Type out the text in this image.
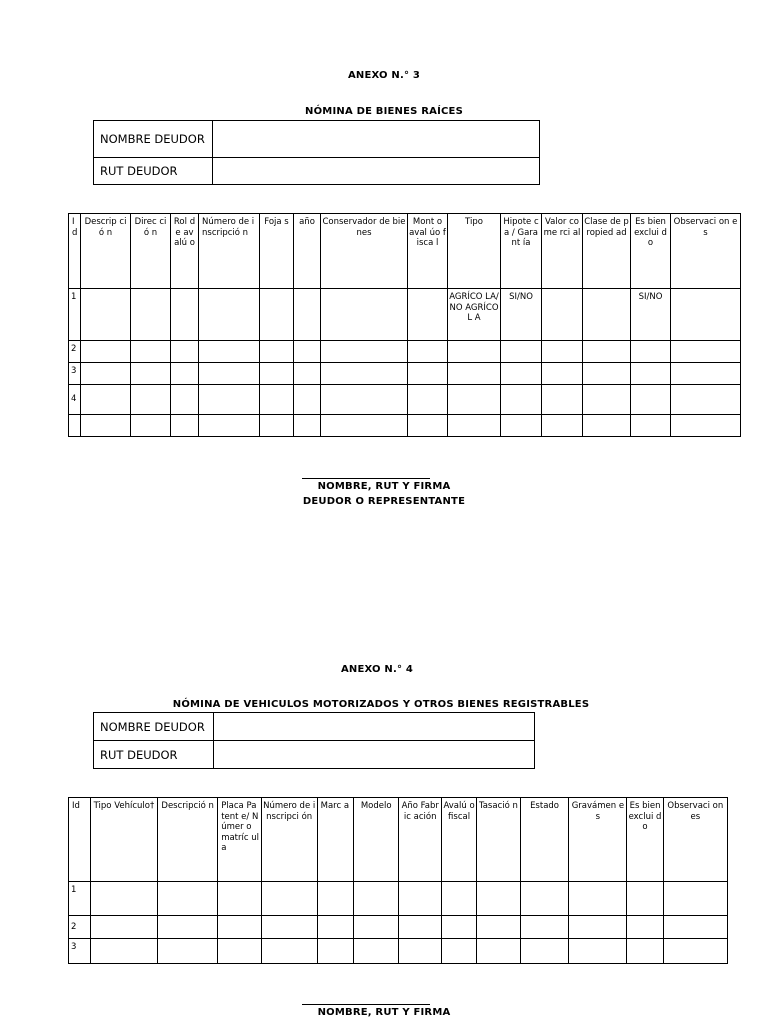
ANEXO N.° 3
NÓMINA DE BIENES RAÍCES
NOMBRE DEUDOR	
RUT DEUDOR	
Id	Descrip ció n	Direc ció n	Rol de av alú o	Número de inscripció n	Foja s	año	Conservador de bienes	Mont o aval úo fisca l	Tipo	Hipote ca / Garant ía	Valor come rci al	Clase de propied ad	Es bien exclui do	Observaci on es
1									AGRÍCO LA/ NO AGRÍCOL A	SI/NO			SI/NO	
2														
3														
4														

NOMBRE, RUT Y FIRMA
DEUDOR O REPRESENTANTE
ANEXO N.° 4
NÓMINA DE VEHICULOS MOTORIZADOS Y OTROS BIENES REGISTRABLES
NOMBRE DEUDOR	
RUT DEUDOR	
Id	Tipo Vehículo†	Descripció n	Placa Patent e/ Númer o matríc ul a	Número de inscripci ón	Marc a	Modelo	Año Fabric ación	Avalú o fiscal	Tasació n	Estado	Gravámen e s	Es bien exclui do	Observaci on es
1													
2													
3													
NOMBRE, RUT Y FIRMA
